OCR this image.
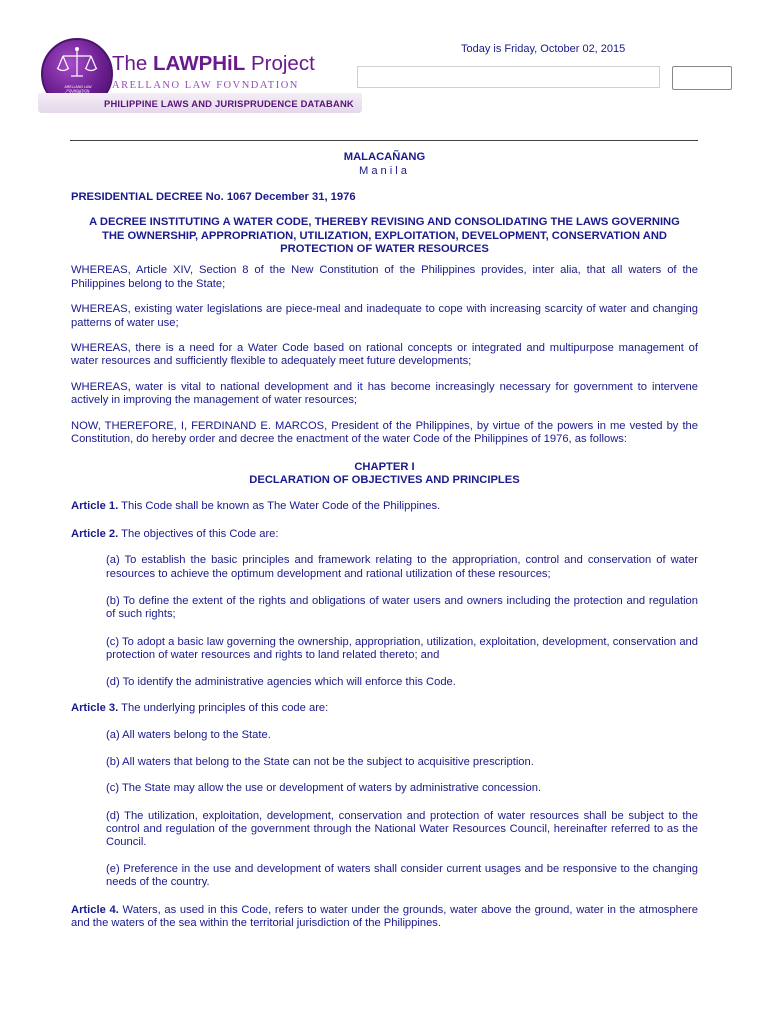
ARELLANO LAW FOUNDATION
The LAWPHiL Project
ARELLANO LAW FOVNDATION
PHILIPPINE LAWS AND JURISPRUDENCE DATABANK
Today is Friday, October 02, 2015
MALACAÑANG
Manila
PRESIDENTIAL DECREE No. 1067 December 31, 1976
A DECREE INSTITUTING A WATER CODE, THEREBY REVISING AND CONSOLIDATING THE LAWS GOVERNING THE OWNERSHIP, APPROPRIATION, UTILIZATION, EXPLOITATION, DEVELOPMENT, CONSERVATION AND PROTECTION OF WATER RESOURCES

WHEREAS, Article XIV, Section 8 of the New Constitution of the Philippines provides, inter alia, that all waters of the Philippines belong to the State;

WHEREAS, existing water legislations are piece-meal and inadequate to cope with increasing scarcity of water and changing patterns of water use;

WHEREAS, there is a need for a Water Code based on rational concepts or integrated and multipurpose management of water resources and sufficiently flexible to adequately meet future developments;

WHEREAS, water is vital to national development and it has become increasingly necessary for government to intervene actively in improving the management of water resources;

NOW, THEREFORE, I, FERDINAND E. MARCOS, President of the Philippines, by virtue of the powers in me vested by the Constitution, do hereby order and decree the enactment of the water Code of the Philippines of 1976, as follows:

CHAPTER I
DECLARATION OF OBJECTIVES AND PRINCIPLES

Article 1. This Code shall be known as The Water Code of the Philippines.

Article 2. The objectives of this Code are:

(a) To establish the basic principles and framework relating to the appropriation, control and conservation of water resources to achieve the optimum development and rational utilization of these resources;

(b) To define the extent of the rights and obligations of water users and owners including the protection and regulation of such rights;

(c) To adopt a basic law governing the ownership, appropriation, utilization, exploitation, development, conservation and protection of water resources and rights to land related thereto; and

(d) To identify the administrative agencies which will enforce this Code.

Article 3. The underlying principles of this code are:

(a) All waters belong to the State.

(b) All waters that belong to the State can not be the subject to acquisitive prescription.

(c) The State may allow the use or development of waters by administrative concession.

(d) The utilization, exploitation, development, conservation and protection of water resources shall be subject to the control and regulation of the government through the National Water Resources Council, hereinafter referred to as the Council.

(e) Preference in the use and development of waters shall consider current usages and be responsive to the changing needs of the country.

Article 4. Waters, as used in this Code, refers to water under the grounds, water above the ground, water in the atmosphere and the waters of the sea within the territorial jurisdiction of the Philippines.
